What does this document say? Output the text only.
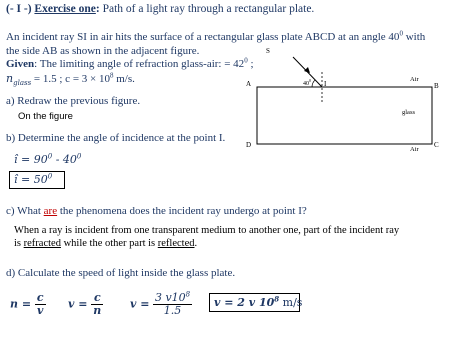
(- I -) Exercise one: Path of a light ray through a rectangular plate.
An incident ray SI in air hits the surface of a rectangular glass plate ABCD at an angle $40^0$ with
the side AB as shown in the adjacent figure.
Given: The limiting angle of refraction glass-air: = $42^0$ ;
$n_{glass} = 1.5$ ; $c = 3 \times 10^8$ m/s.
S
A	I	B
D	C
$40^0$	Air
glass
Air
a) Redraw the previous figure.
On the figure
b) Determine the angle of incidence at the point I.
î = $90^0 - 40^0$
î = $50^0$
c) What are the phenomena does the incident ray undergo at point I?
When a ray is incident from one transparent medium to another one, part of the incident ray
is refracted while the other part is reflected.
d) Calculate the speed of light inside the glass plate.
$n = \frac{c}{v}$ $v = \frac{c}{n}$ $v = \frac{3 v10^8}{1.5}$ v = 2 v $10^8$ m/s
